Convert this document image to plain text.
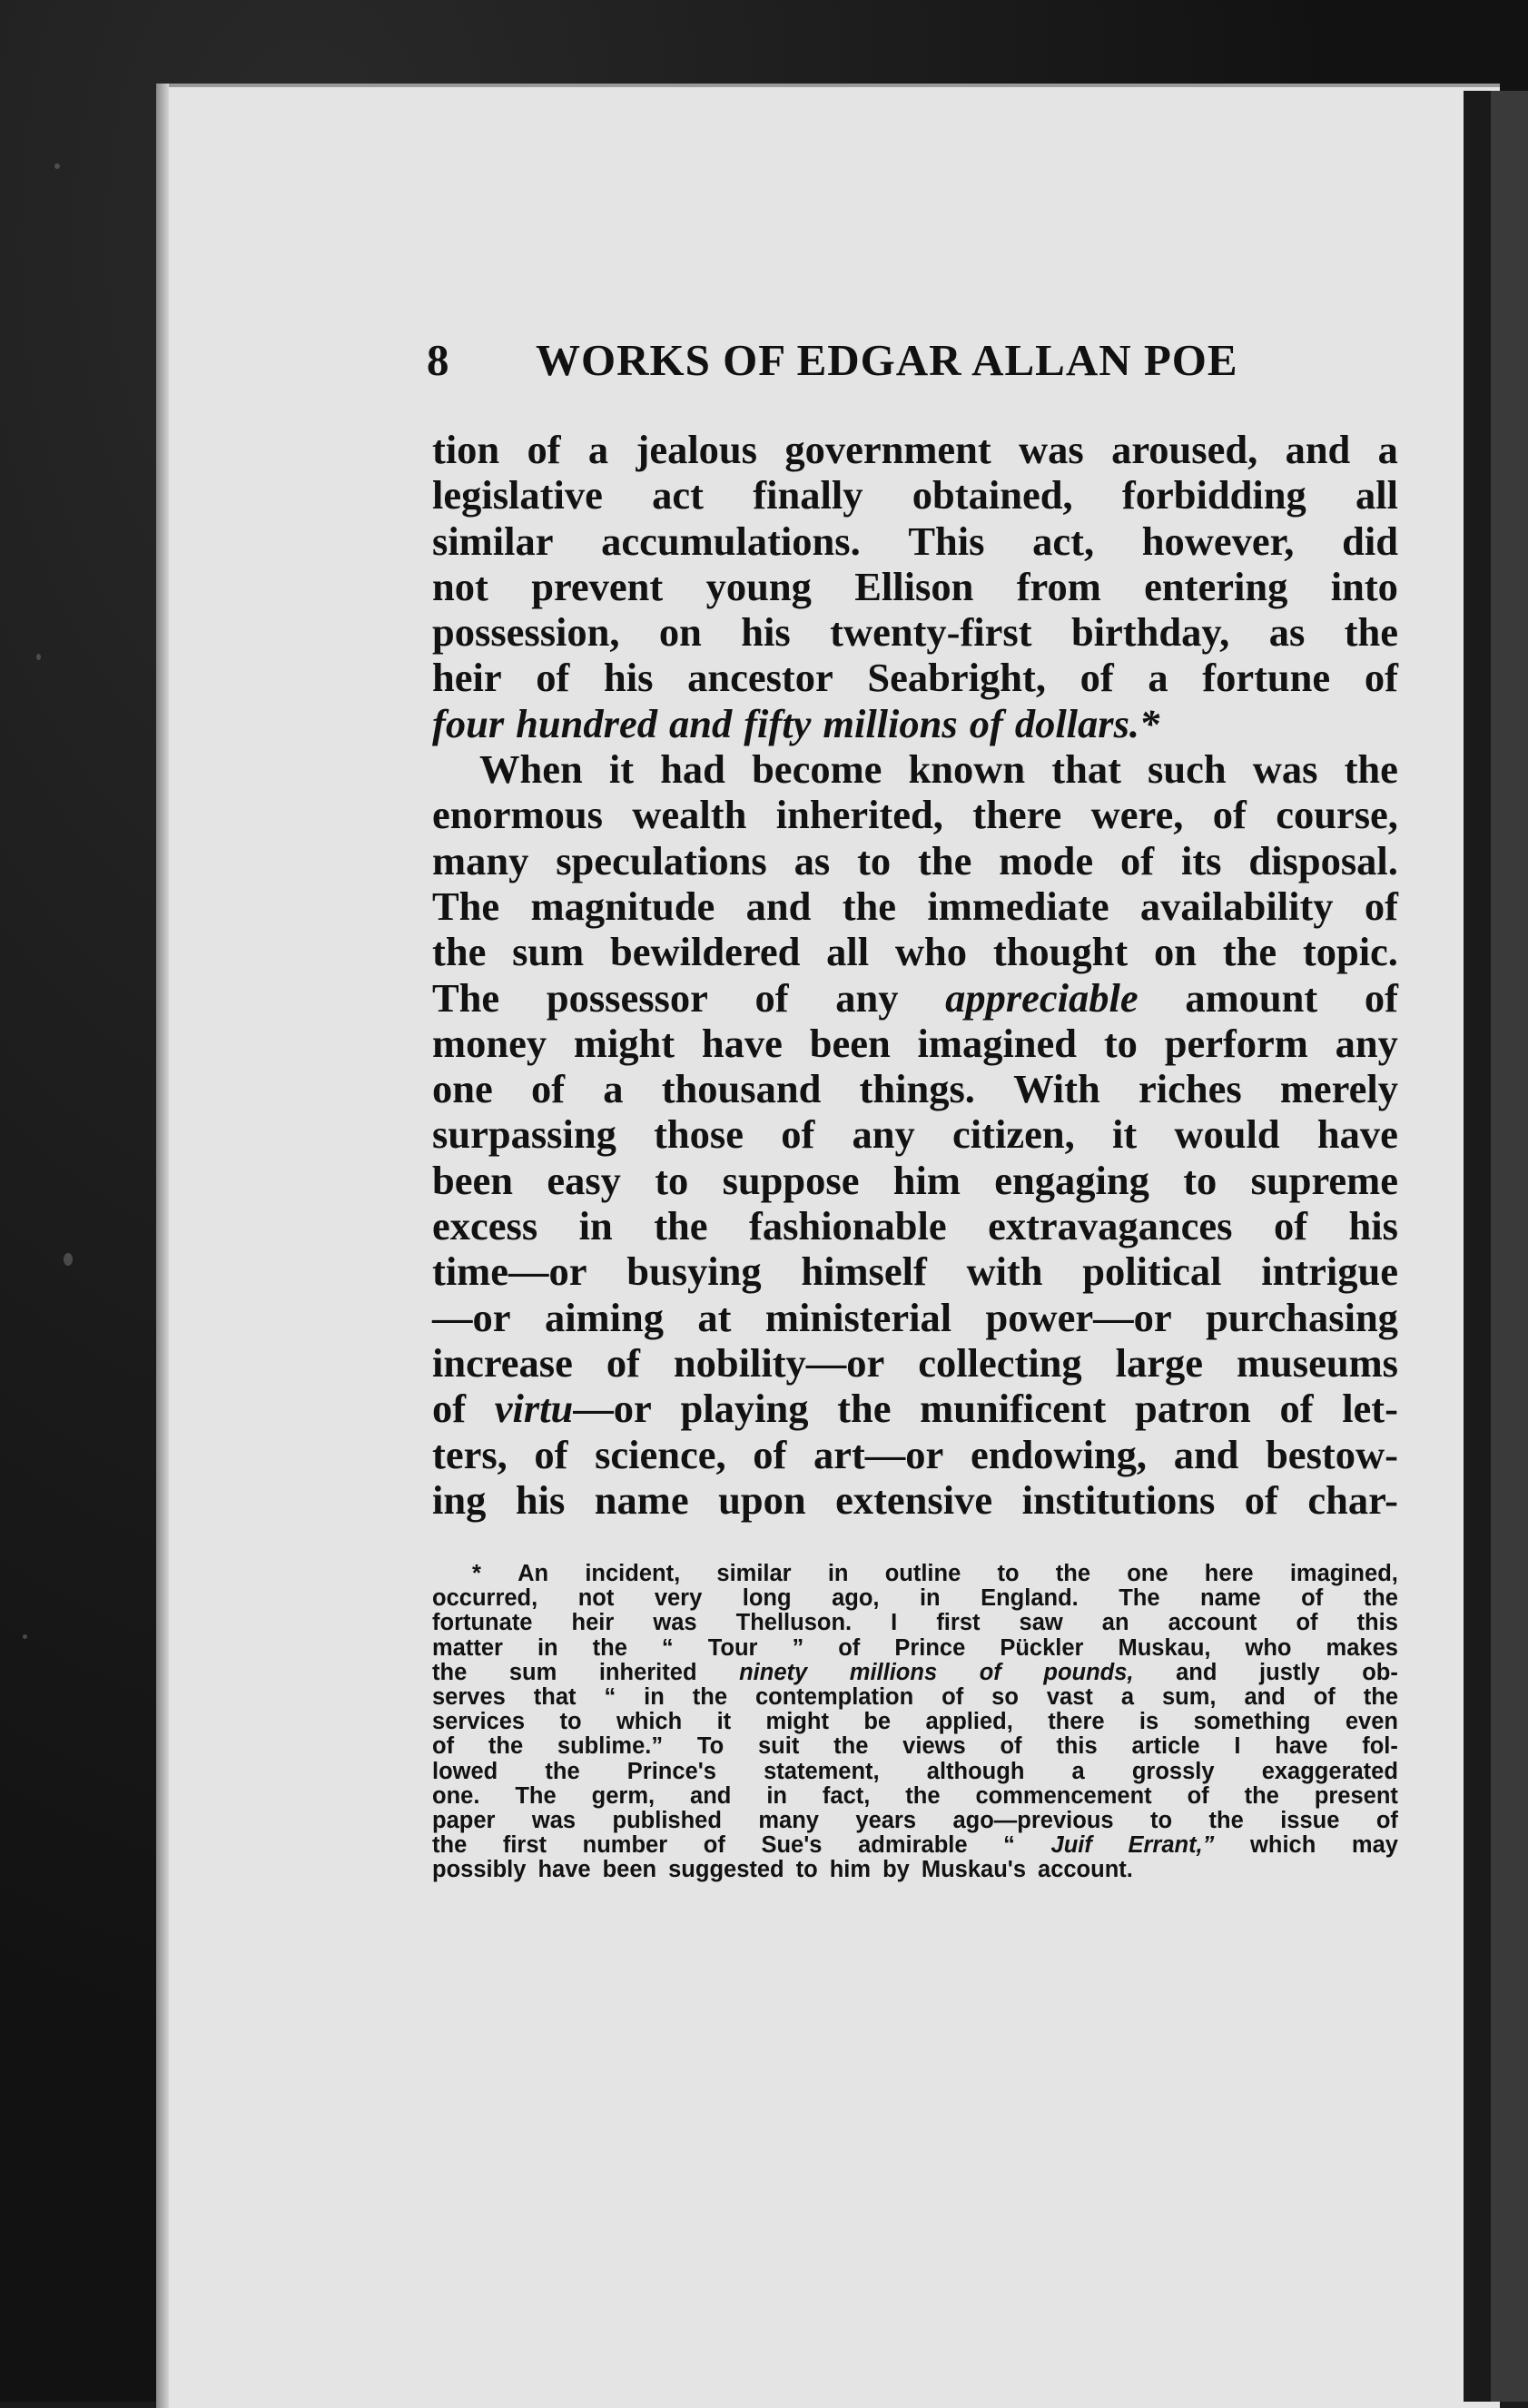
8	WORKS OF EDGAR ALLAN POE
tion of a jealous government was aroused, and a
legislative act finally obtained, forbidding all
similar accumulations. This act, however, did
not prevent young Ellison from entering into
possession, on his twenty-first birthday, as the
heir of his ancestor Seabright, of a fortune of
four hundred and fifty millions of dollars.*
When it had become known that such was the
enormous wealth inherited, there were, of course,
many speculations as to the mode of its disposal.
The magnitude and the immediate availability of
the sum bewildered all who thought on the topic.
The possessor of any appreciable amount of
money might have been imagined to perform any
one of a thousand things. With riches merely
surpassing those of any citizen, it would have
been easy to suppose him engaging to supreme
excess in the fashionable extravagances of his
time—or busying himself with political intrigue
—or aiming at ministerial power—or purchasing
increase of nobility—or collecting large museums
of virtu—or playing the munificent patron of let-
ters, of science, of art—or endowing, and bestow-
ing his name upon extensive institutions of char-
* An incident, similar in outline to the one here imagined,
occurred, not very long ago, in England. The name of the
fortunate heir was Thelluson. I first saw an account of this
matter in the “ Tour ” of Prince Pückler Muskau, who makes
the sum inherited ninety millions of pounds, and justly ob-
serves that “ in the contemplation of so vast a sum, and of the
services to which it might be applied, there is something even
of the sublime.” To suit the views of this article I have fol-
lowed the Prince's statement, although a grossly exaggerated
one. The germ, and in fact, the commencement of the present
paper was published many years ago—previous to the issue of
the first number of Sue's admirable “ Juif Errant,” which may
possibly have been suggested to him by Muskau's account.
